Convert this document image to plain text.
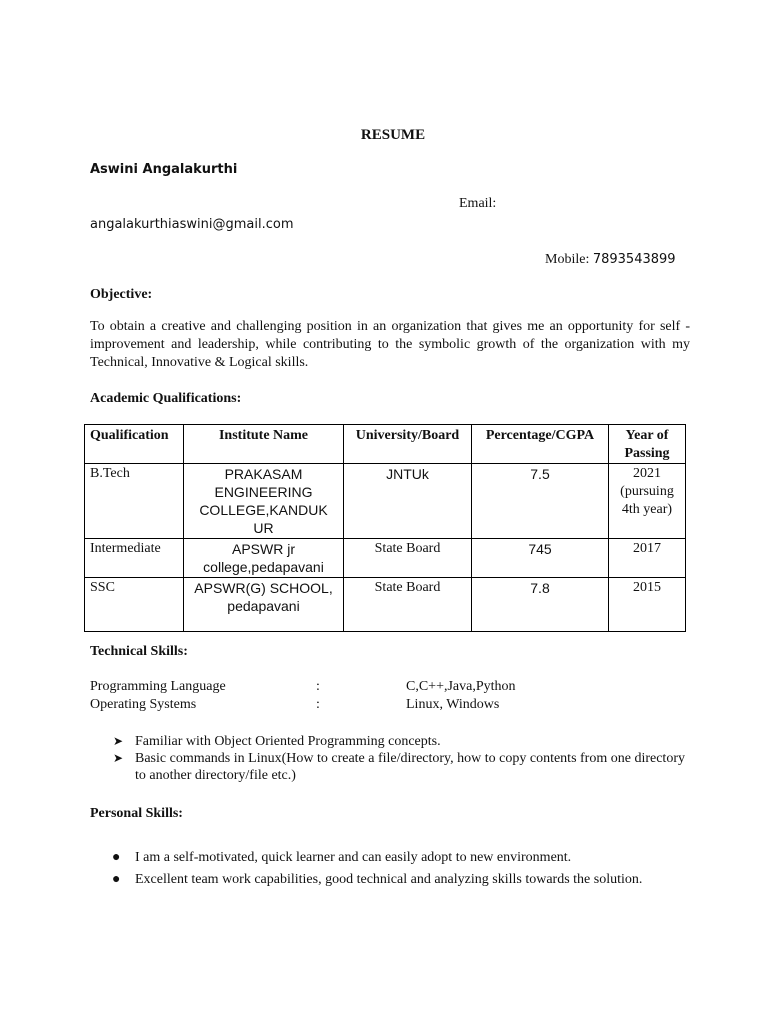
RESUME
Aswini Angalakurthi
Email:
angalakurthiaswini@gmail.com
Mobile: 7893543899
Objective:
To obtain a creative and challenging position in an organization that gives me an opportunity for self - improvement and leadership, while contributing to the symbolic growth of the organization with my Technical, Innovative & Logical skills.
Academic Qualifications:
Qualification	Institute Name	University/Board	Percentage/CGPA	Year of Passing
B.Tech	PRAKASAM ENGINEERING COLLEGE,KANDUK UR	JNTUk	7.5	2021 (pursuing 4th year)
Intermediate	APSWR jr college,pedapavani	State Board	745	2017
SSC	APSWR(G) SCHOOL, pedapavani	State Board	7.8	2015
Technical Skills:
Programming Language	:	C,C++,Java,Python
Operating Systems	:	Linux, Windows
➤ Familiar with Object Oriented Programming concepts.
➤ Basic commands in Linux(How to create a file/directory, how to copy contents from one directory to another directory/file etc.)
Personal Skills:
● I am a self-motivated, quick learner and can easily adopt to new environment.
● Excellent team work capabilities, good technical and analyzing skills towards the solution.
